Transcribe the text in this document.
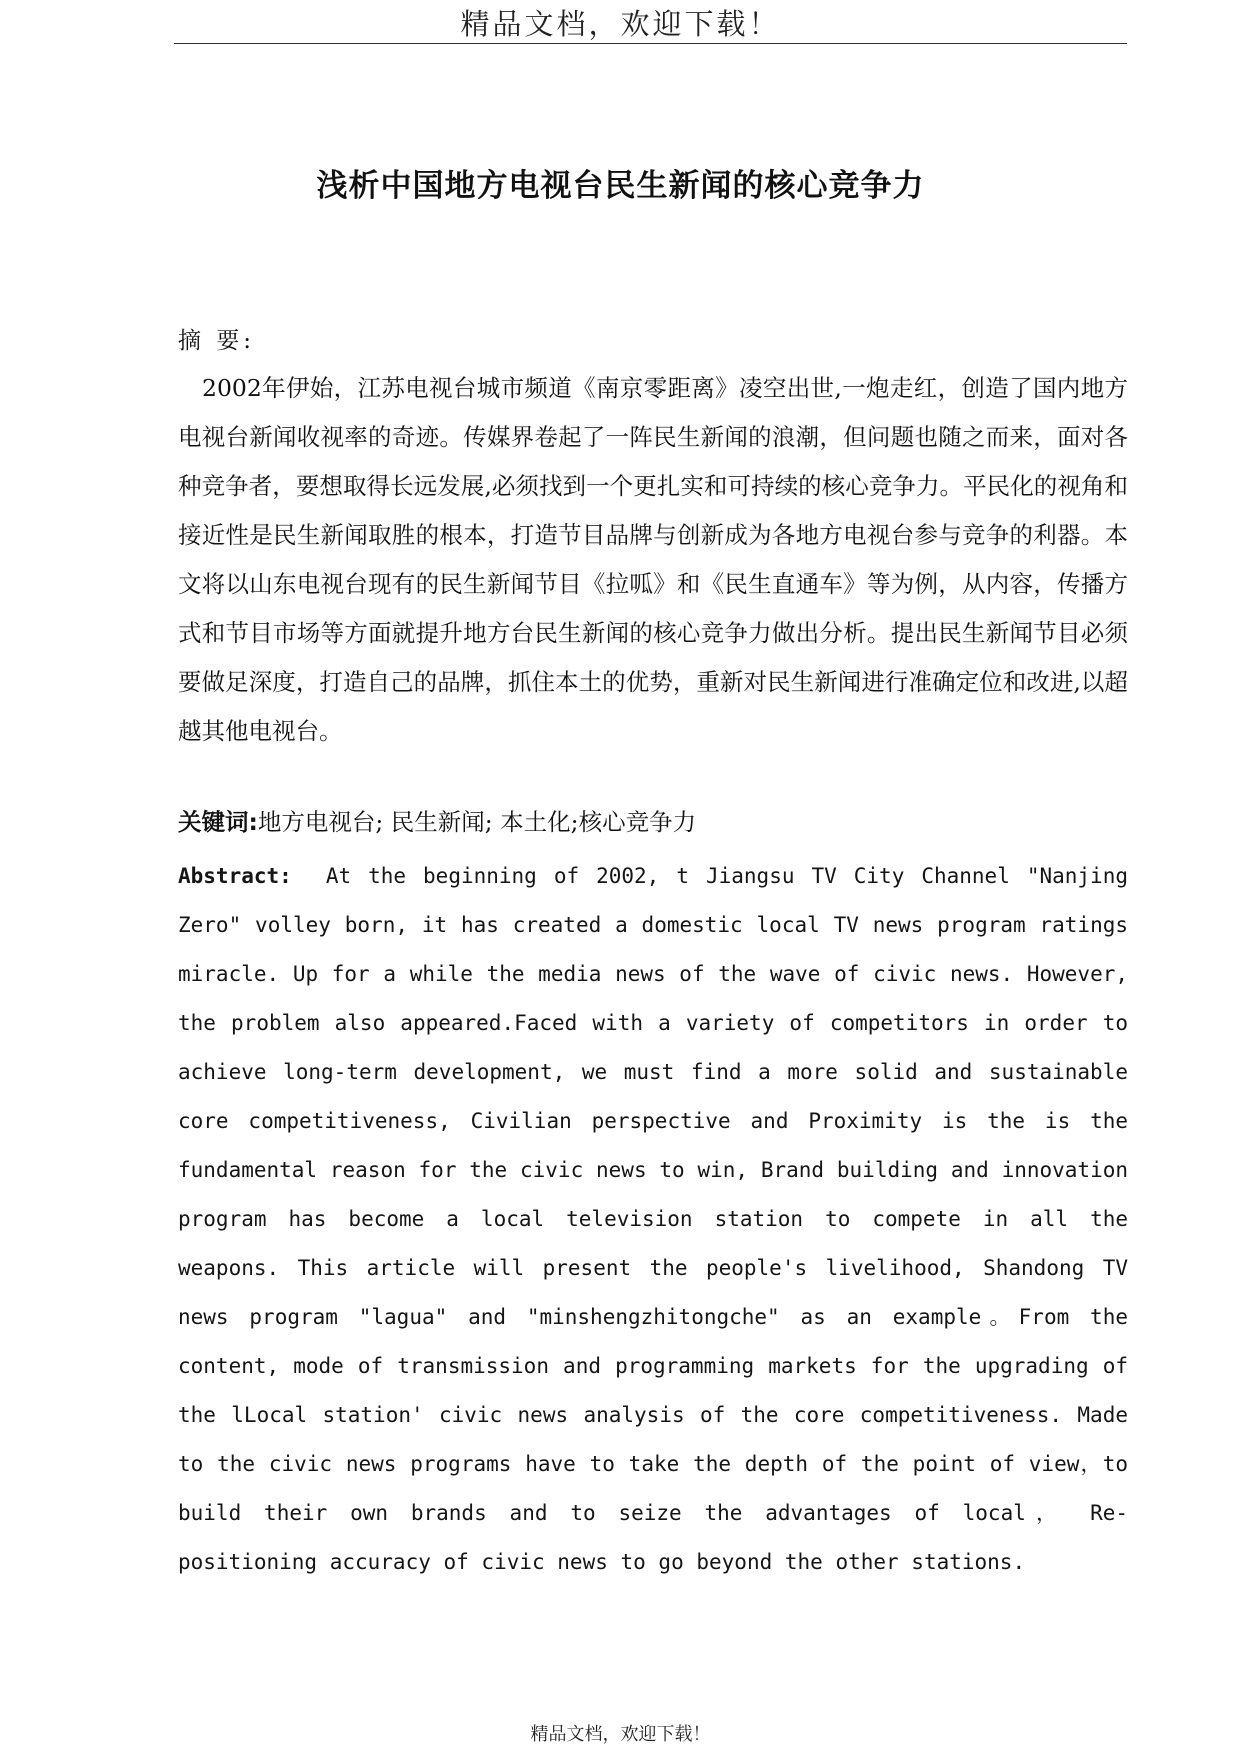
精品文档，欢迎下载！
浅析中国地方电视台民生新闻的核心竞争力
摘 要:
2002年伊始，江苏电视台城市频道《南京零距离》凌空出世,一炮走红，创造了国内地方电视台新闻收视率的奇迹。传媒界卷起了一阵民生新闻的浪潮，但问题也随之而来，面对各种竞争者，要想取得长远发展,必须找到一个更扎实和可持续的核心竞争力。平民化的视角和接近性是民生新闻取胜的根本，打造节目品牌与创新成为各地方电视台参与竞争的利器。本文将以山东电视台现有的民生新闻节目《拉呱》和《民生直通车》等为例，从内容，传播方式和节目市场等方面就提升地方台民生新闻的核心竞争力做出分析。提出民生新闻节目必须要做足深度，打造自己的品牌，抓住本土的优势，重新对民生新闻进行准确定位和改进,以超越其他电视台。
关键词:地方电视台; 民生新闻; 本土化;核心竞争力
Abstract: At the beginning of 2002, t Jiangsu TV City Channel "Nanjing Zero" volley born, it has created a domestic local TV news program ratings miracle. Up for a while the media news of the wave of civic news. However, the problem also appeared.Faced with a variety of competitors in order to achieve long-term development, we must find a more solid and sustainable core competitiveness, Civilian perspective and Proximity is the is the fundamental reason for the civic news to win, Brand building and innovation program has become a local television station to compete in all the weapons. This article will present the people's livelihood, Shandong TV news program "lagua" and "minshengzhitongche" as an example。From the content, mode of transmission and programming markets for the upgrading of the lLocal station' civic news analysis of the core competitiveness. Made to the civic news programs have to take the depth of the point of view，to build their own brands and to seize the advantages of local， Re-positioning accuracy of civic news to go beyond the other stations.
精品文档，欢迎下载！
